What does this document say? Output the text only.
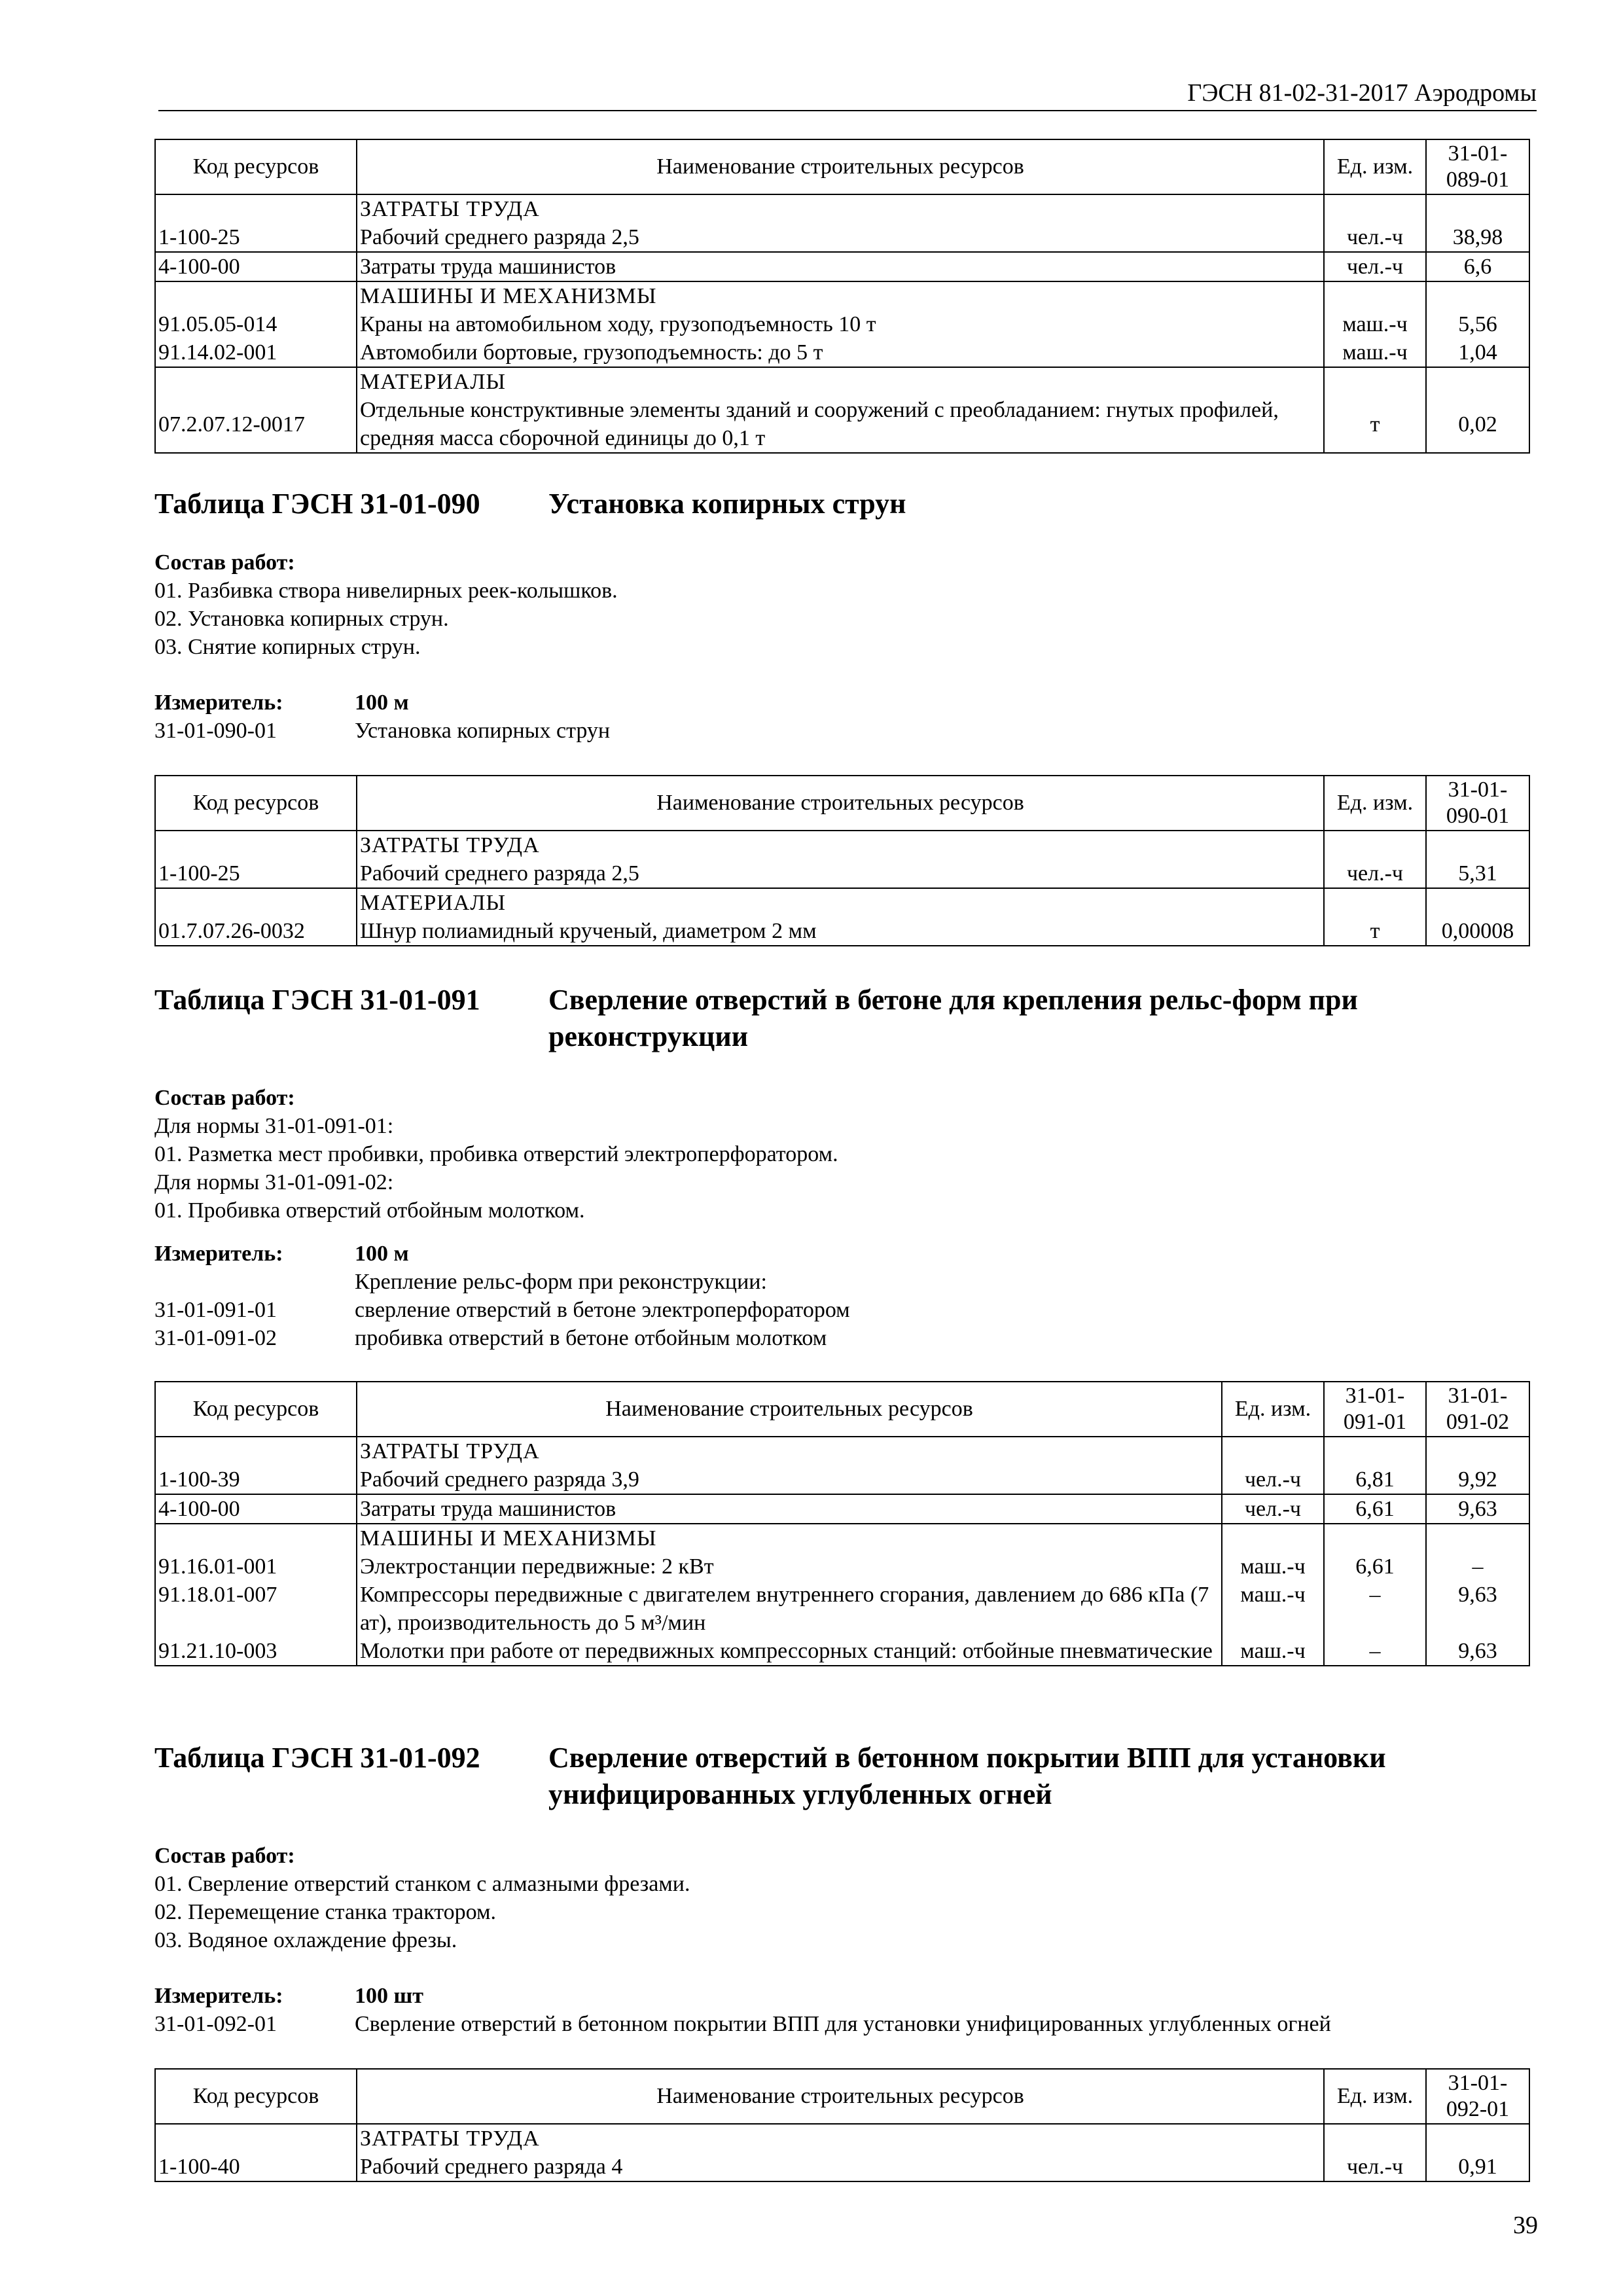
ГЭСН 81-02-31-2017 Аэродромы
Код ресурсов	Наименование строительных ресурсов	Ед. изм.	31-01-
089-01
	ЗАТРАТЫ ТРУДА		
1-100-25	Рабочий среднего разряда 2,5	чел.-ч	38,98
4-100-00	Затраты труда машинистов	чел.-ч	6,6
	МАШИНЫ И МЕХАНИЗМЫ		
91.05.05-014	Краны на автомобильном ходу, грузоподъемность 10 т	маш.-ч	5,56
91.14.02-001	Автомобили бортовые, грузоподъемность: до 5 т	маш.-ч	1,04
	МАТЕРИАЛЫ		
07.2.07.12-0017	Отдельные конструктивные элементы зданий и сооружений с преобладанием: гнутых профилей, средняя масса сборочной единицы до 0,1 т	т	0,02
Таблица ГЭСН 31-01-090	Установка копирных струн
Состав работ:
01. Разбивка створа нивелирных реек-колышков.
02. Установка копирных струн.
03. Снятие копирных струн.
Измеритель:	100 м
31-01-090-01	Установка копирных струн
Код ресурсов	Наименование строительных ресурсов	Ед. изм.	31-01-
090-01
	ЗАТРАТЫ ТРУДА		
1-100-25	Рабочий среднего разряда 2,5	чел.-ч	5,31
	МАТЕРИАЛЫ		
01.7.07.26-0032	Шнур полиамидный крученый, диаметром 2 мм	т	0,00008
Таблица ГЭСН 31-01-091	Сверление отверстий в бетоне для крепления рельс-форм при реконструкции
Состав работ:
Для нормы 31-01-091-01:
01. Разметка мест пробивки, пробивка отверстий электроперфоратором.
Для нормы 31-01-091-02:
01. Пробивка отверстий отбойным молотком.
Измеритель:	100 м
Крепление рельс-форм при реконструкции:
31-01-091-01	сверление отверстий в бетоне электроперфоратором
31-01-091-02	пробивка отверстий в бетоне отбойным молотком
Код ресурсов	Наименование строительных ресурсов	Ед. изм.	31-01-
091-01	31-01-
091-02
	ЗАТРАТЫ ТРУДА			
1-100-39	Рабочий среднего разряда 3,9	чел.-ч	6,81	9,92
4-100-00	Затраты труда машинистов	чел.-ч	6,61	9,63
	МАШИНЫ И МЕХАНИЗМЫ			
91.16.01-001	Электростанции передвижные: 2 кВт	маш.-ч	6,61	–
91.18.01-007	Компрессоры передвижные с двигателем внутреннего сгорания, давлением до 686 кПа (7 ат), производительность до 5 м³/мин	маш.-ч	–	9,63
91.21.10-003	Молотки при работе от передвижных компрессорных станций: отбойные пневматические	маш.-ч	–	9,63
Таблица ГЭСН 31-01-092	Сверление отверстий в бетонном покрытии ВПП для установки унифицированных углубленных огней
Состав работ:
01. Сверление отверстий станком с алмазными фрезами.
02. Перемещение станка трактором.
03. Водяное охлаждение фрезы.
Измеритель:	100 шт
31-01-092-01	Сверление отверстий в бетонном покрытии ВПП для установки унифицированных углубленных огней
Код ресурсов	Наименование строительных ресурсов	Ед. изм.	31-01-
092-01
	ЗАТРАТЫ ТРУДА		
1-100-40	Рабочий среднего разряда 4	чел.-ч	0,91
39
